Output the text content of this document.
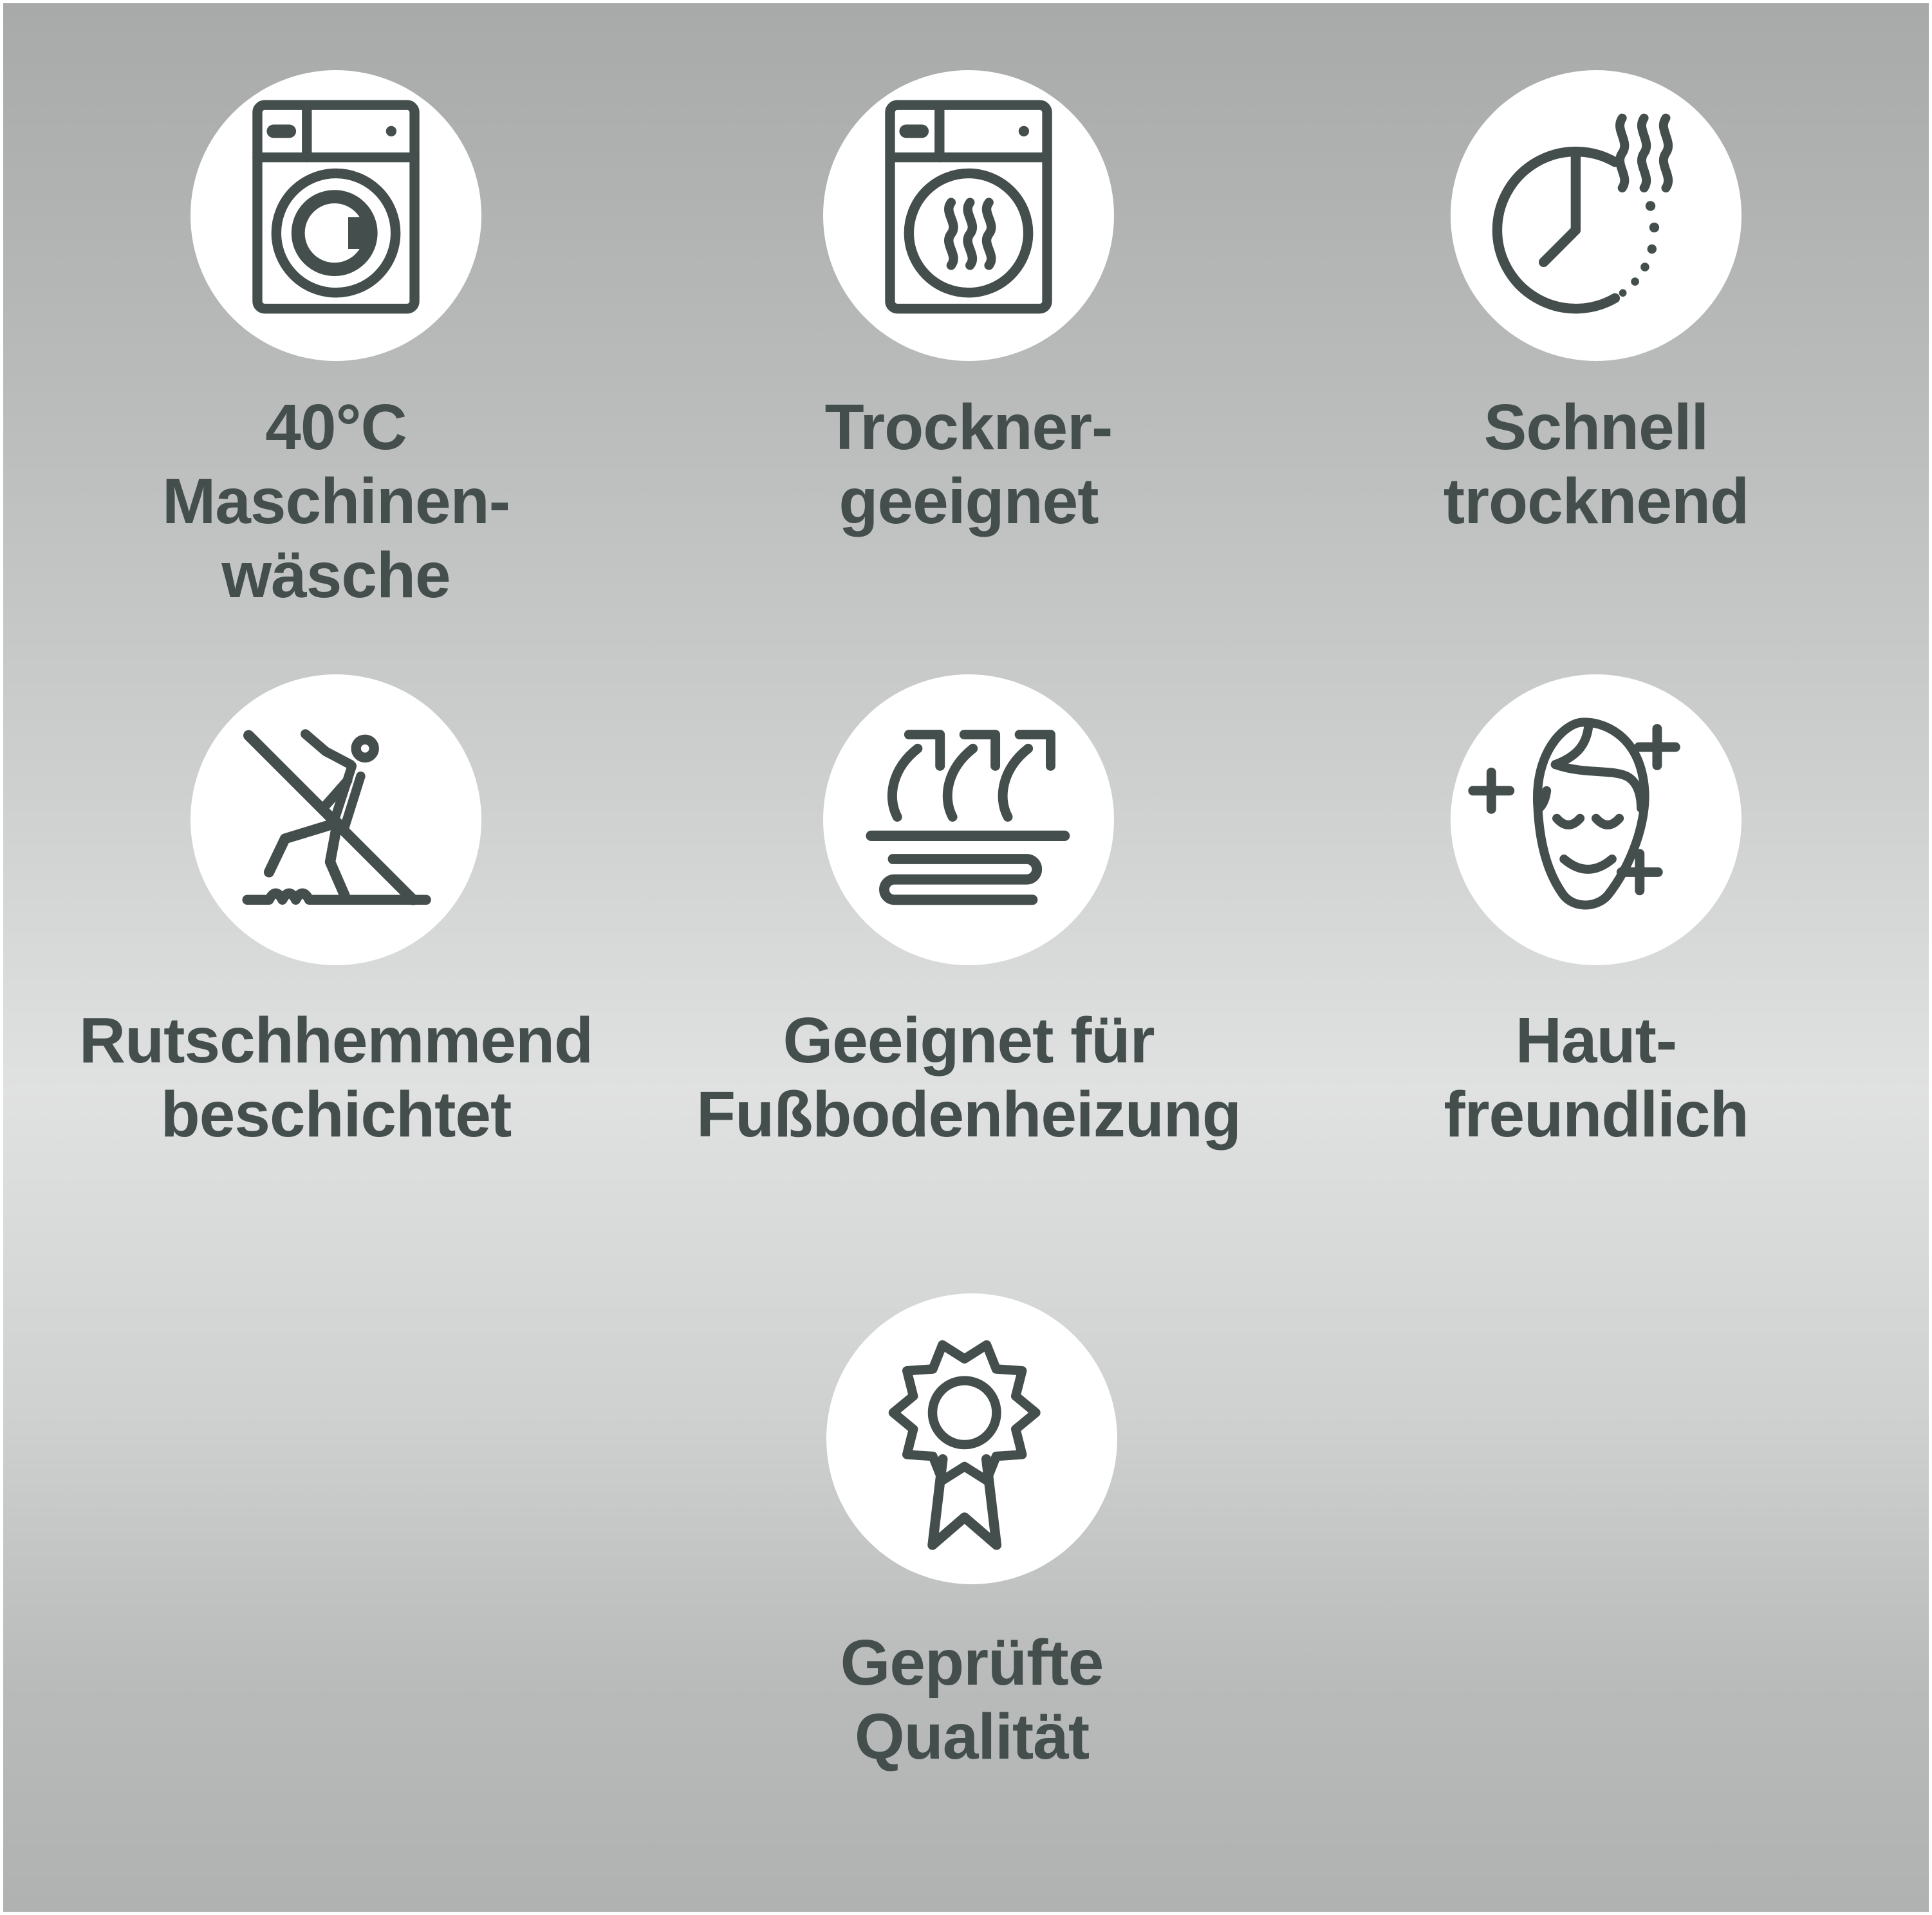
40°C
Maschinen-
wäsche
Trockner-
geeignet
Schnell
trocknend
Rutschhemmend
beschichtet
Geeignet für
Fußbodenheizung
Haut-
freundlich
Geprüfte
Qualität
